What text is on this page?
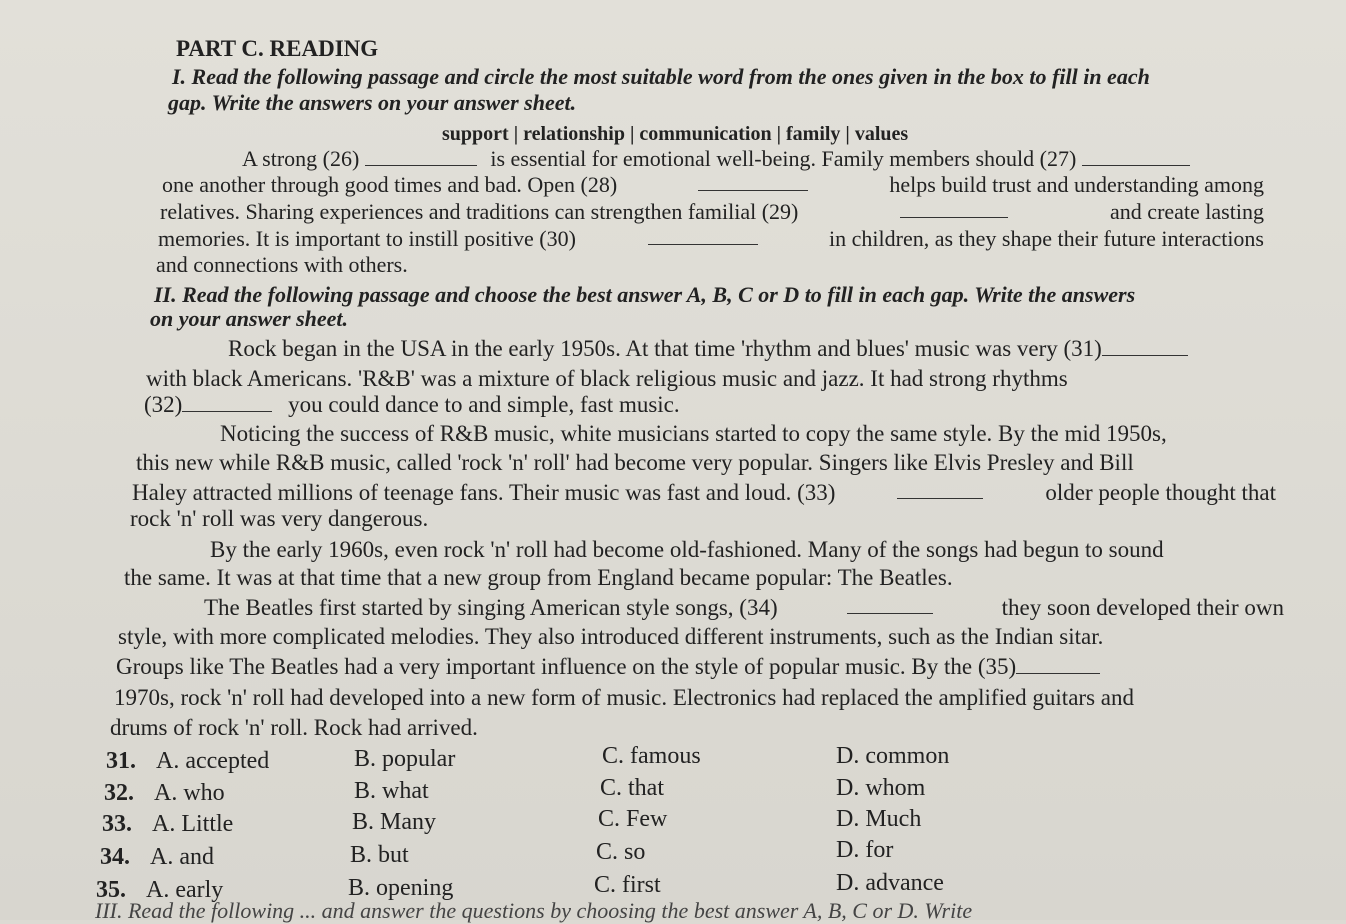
PART C. READING
I. Read the following passage and circle the most suitable word from the ones given in the box to fill in each
gap. Write the answers on your answer sheet.
support | relationship | communication | family | values
A strong (26)	is essential for emotional well-being. Family members should (27)
one another through good times and bad. Open (28)	helps build trust and understanding among
relatives. Sharing experiences and traditions can strengthen familial (29)	and create lasting
memories. It is important to instill positive (30)	in children, as they shape their future interactions
and connections with others.
II. Read the following passage and choose the best answer A, B, C or D to fill in each gap. Write the answers
on your answer sheet.
Rock began in the USA in the early 1950s. At that time 'rhythm and blues' music was very (31)
with black Americans. 'R&B' was a mixture of black religious music and jazz. It had strong rhythms
(32)	you could dance to and simple, fast music.
Noticing the success of R&B music, white musicians started to copy the same style. By the mid 1950s,
this new while R&B music, called 'rock 'n' roll' had become very popular. Singers like Elvis Presley and Bill
Haley attracted millions of teenage fans. Their music was fast and loud. (33)	older people thought that
rock 'n' roll was very dangerous.
By the early 1960s, even rock 'n' roll had become old-fashioned. Many of the songs had begun to sound
the same. It was at that time that a new group from England became popular: The Beatles.
The Beatles first started by singing American style songs, (34)	they soon developed their own
style, with more complicated melodies. They also introduced different instruments, such as the Indian sitar.
Groups like The Beatles had a very important influence on the style of popular music. By the (35)
1970s, rock 'n' roll had developed into a new form of music. Electronics had replaced the amplified guitars and
drums of rock 'n' roll. Rock had arrived.
31. A. accepted	B. popular	C. famous	D. common
32. A. who	B. what	C. that	D. whom
33. A. Little	B. Many	C. Few	D. Much
34. A. and	B. but	C. so	D. for
35. A. early	B. opening	C. first	D. advance
III. Read the following ... and answer the questions by choosing the best answer A, B, C or D. Write
